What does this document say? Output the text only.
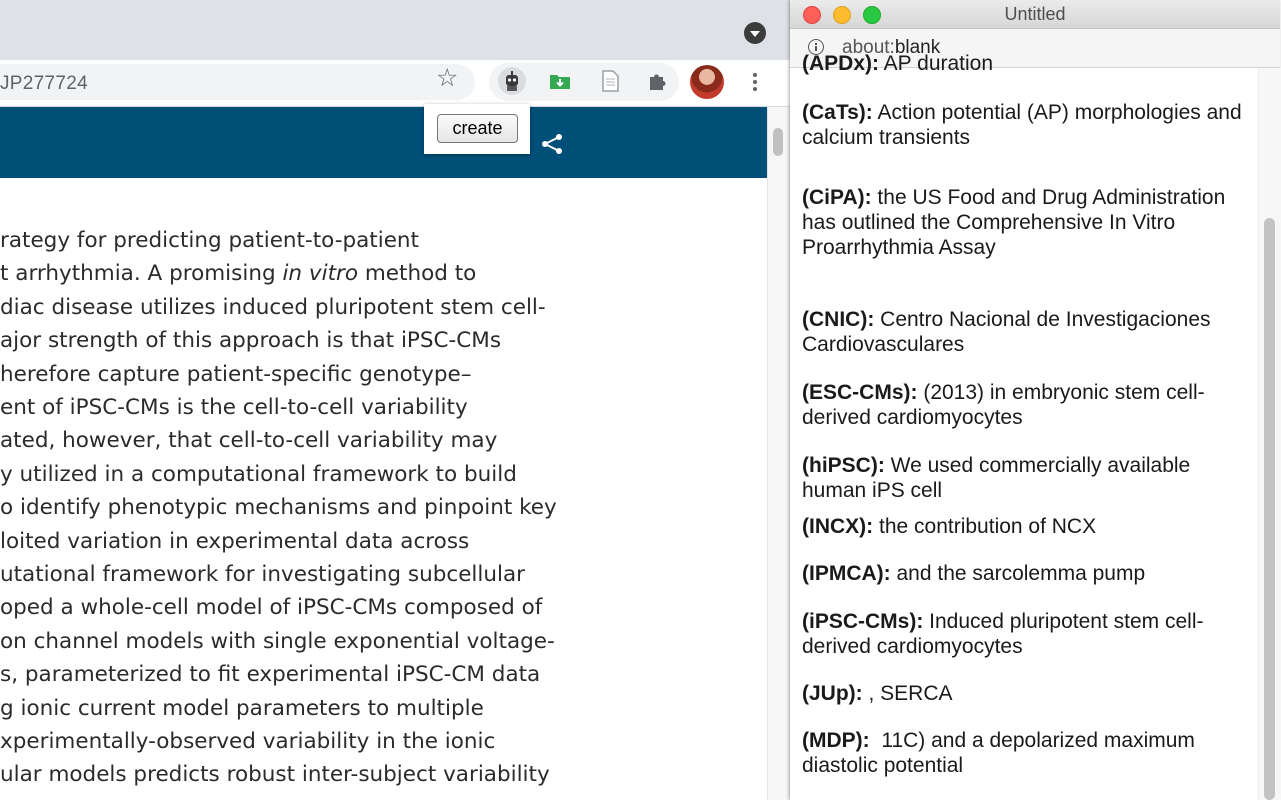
JP277724	☆
create

rategy for predicting patient-to-patient

t arrhythmia. A promising in vitro method to

diac disease utilizes induced pluripotent stem cell-

ajor strength of this approach is that iPSC-CMs

herefore capture patient-specific genotype–

ent of iPSC-CMs is the cell-to-cell variability

ated, however, that cell-to-cell variability may

y utilized in a computational framework to build

o identify phenotypic mechanisms and pinpoint key

loited variation in experimental data across

utational framework for investigating subcellular

oped a whole-cell model of iPSC-CMs composed of

on channel models with single exponential voltage-

s, parameterized to fit experimental iPSC-CM data

g ionic current model parameters to multiple

xperimentally-observed variability in the ionic

ular models predicts robust inter-subject variability

Untitled
about:blank
(APDx): AP duration
(CaTs): Action potential (AP) morphologies and calcium transients
(CiPA): the US Food and Drug Administration has outlined the Comprehensive In Vitro Proarrhythmia Assay
(CNIC): Centro Nacional de Investigaciones Cardiovasculares
(ESC-CMs): (2013) in embryonic stem cell-derived cardiomyocytes
(hiPSC): We used commercially available human iPS cell
(INCX): the contribution of NCX
(IPMCA): and the sarcolemma pump
(iPSC-CMs): Induced pluripotent stem cell-derived cardiomyocytes
(JUp): , SERCA
(MDP):  11C) and a depolarized maximum diastolic potential
